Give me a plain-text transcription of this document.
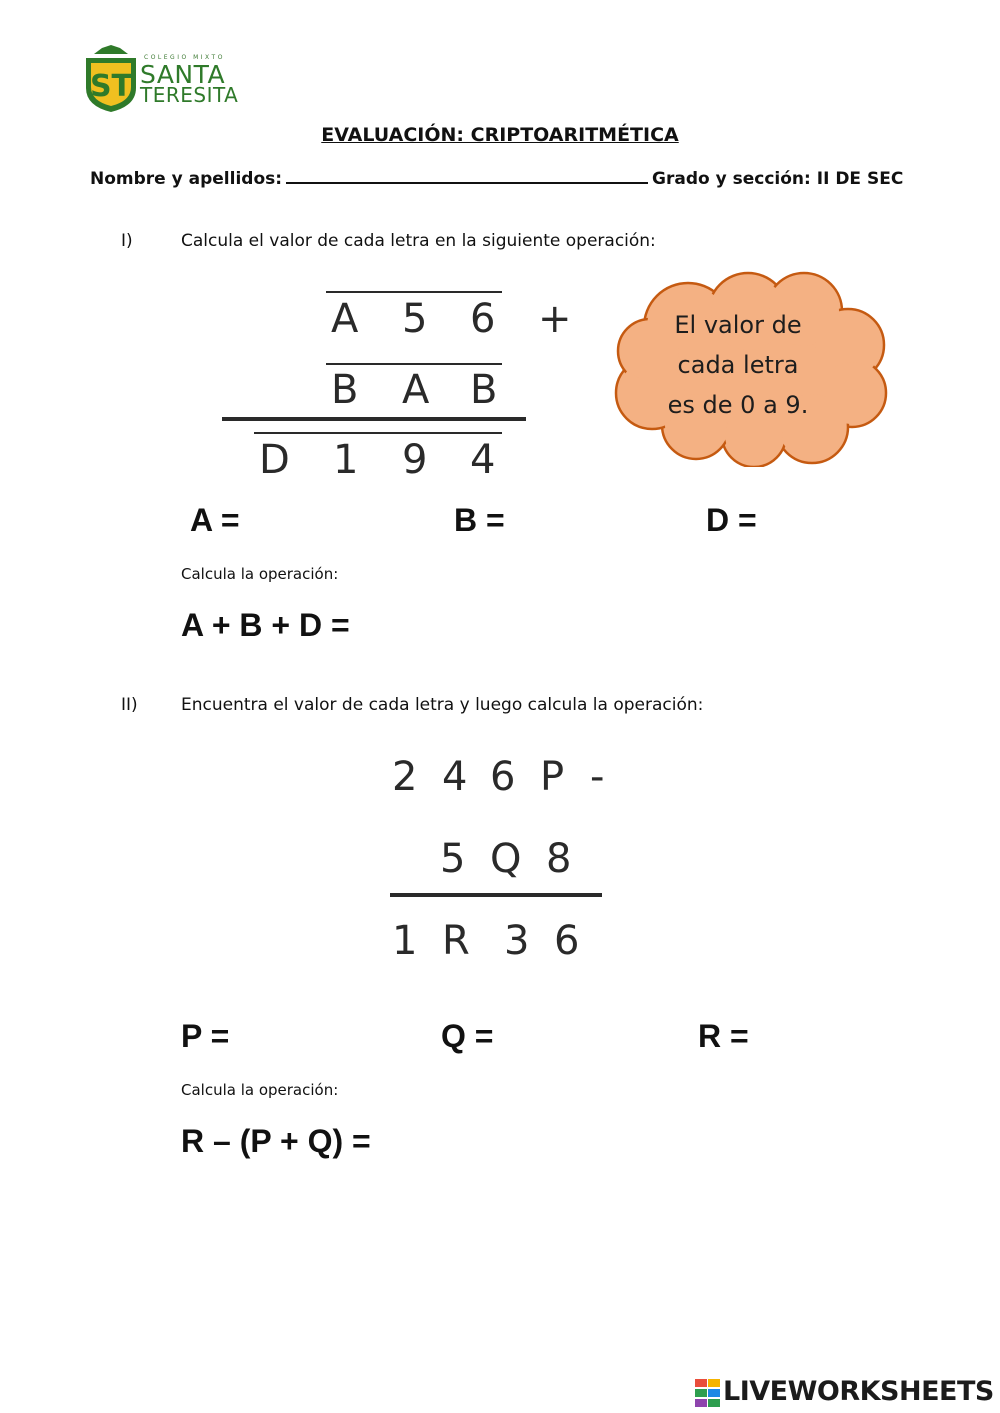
ST
COLEGIO MIXTO
SANTA
TERESITA
EVALUACIÓN: CRIPTOARITMÉTICA
Nombre y apellidos:	Grado y sección: II DE SEC
I)	Calcula el valor de cada letra en la siguiente operación:
A 5 6 +
B A B
D 1 9 4
El valor de
cada letra
es de 0 a 9.
A =	B =	D =
Calcula la operación:
A + B + D =
II)	Encuentra el valor de cada letra y luego calcula la operación:
2 4 6 P -
5 Q 8
1 R 3 6
P =	Q =	R =
Calcula la operación:
R – (P + Q) =
LIVEWORKSHEETS
